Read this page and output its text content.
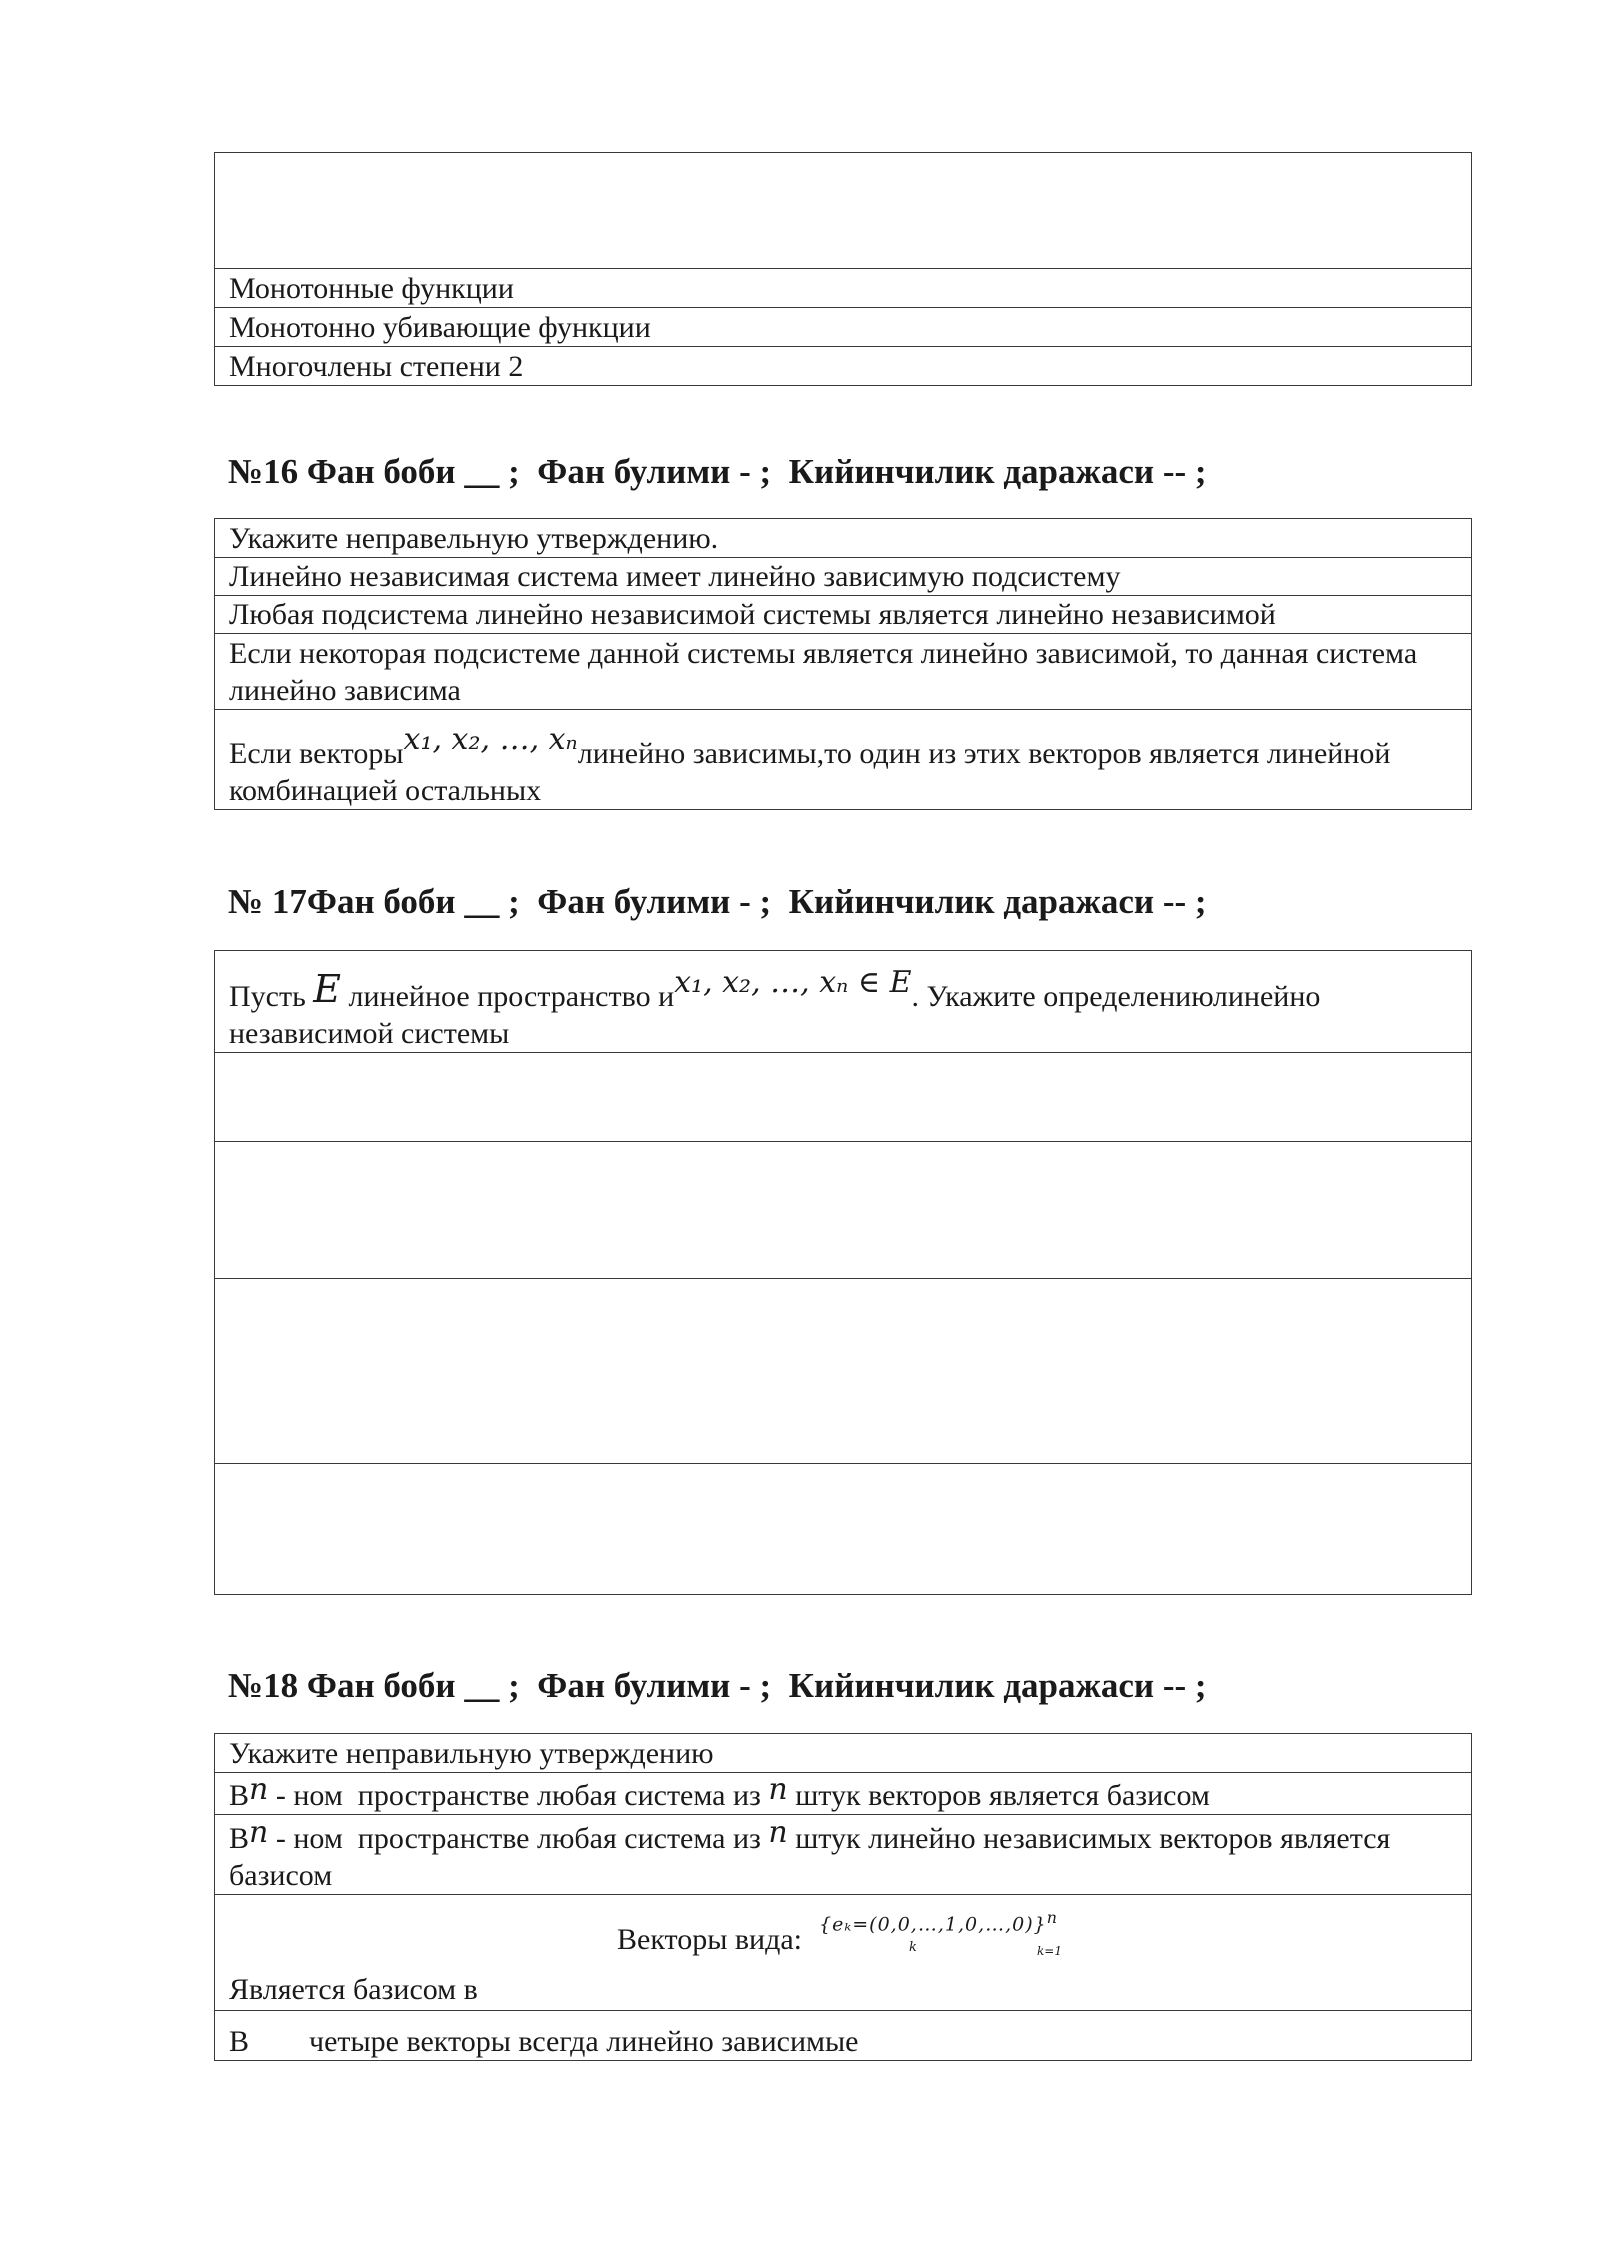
Монотонные функции
Монотонно убивающие функции
Многочлены степени 2
№16 Фан боби __ ;  Фан булими - ;  Кийинчилик даражаси -- ;
Укажите неправельную утверждению.
Линейно независимая система имеет линейно зависимую подсистему
Любая подсистема линейно независимой системы является линейно независимой
Если некоторая подсистеме данной системы является линейно зависимой, то данная система линейно зависима
Если векторыx₁, x₂, …, xₙлинейно зависимы,то один из этих векторов является линейной комбинацией остальных
№ 17Фан боби __ ;  Фан булими - ;  Кийинчилик даражаси -- ;
Пусть E линейное пространство иx₁, x₂, …, xₙ ∈ E. Укажите определениюлинейно независимой системы
№18 Фан боби __ ;  Фан булими - ;  Кийинчилик даражаси -- ;
Укажите неправильную утверждению
Вn - ном  пространстве любая система из n штук векторов является базисом
Вn - ном  пространстве любая система из n штук линейно независимых векторов является базисом
Векторы вида: {eₖ=(0,0,…,1,0,…,0)}$^n$
k	k=1
Является базисом в
В четыре векторы всегда линейно зависимые
